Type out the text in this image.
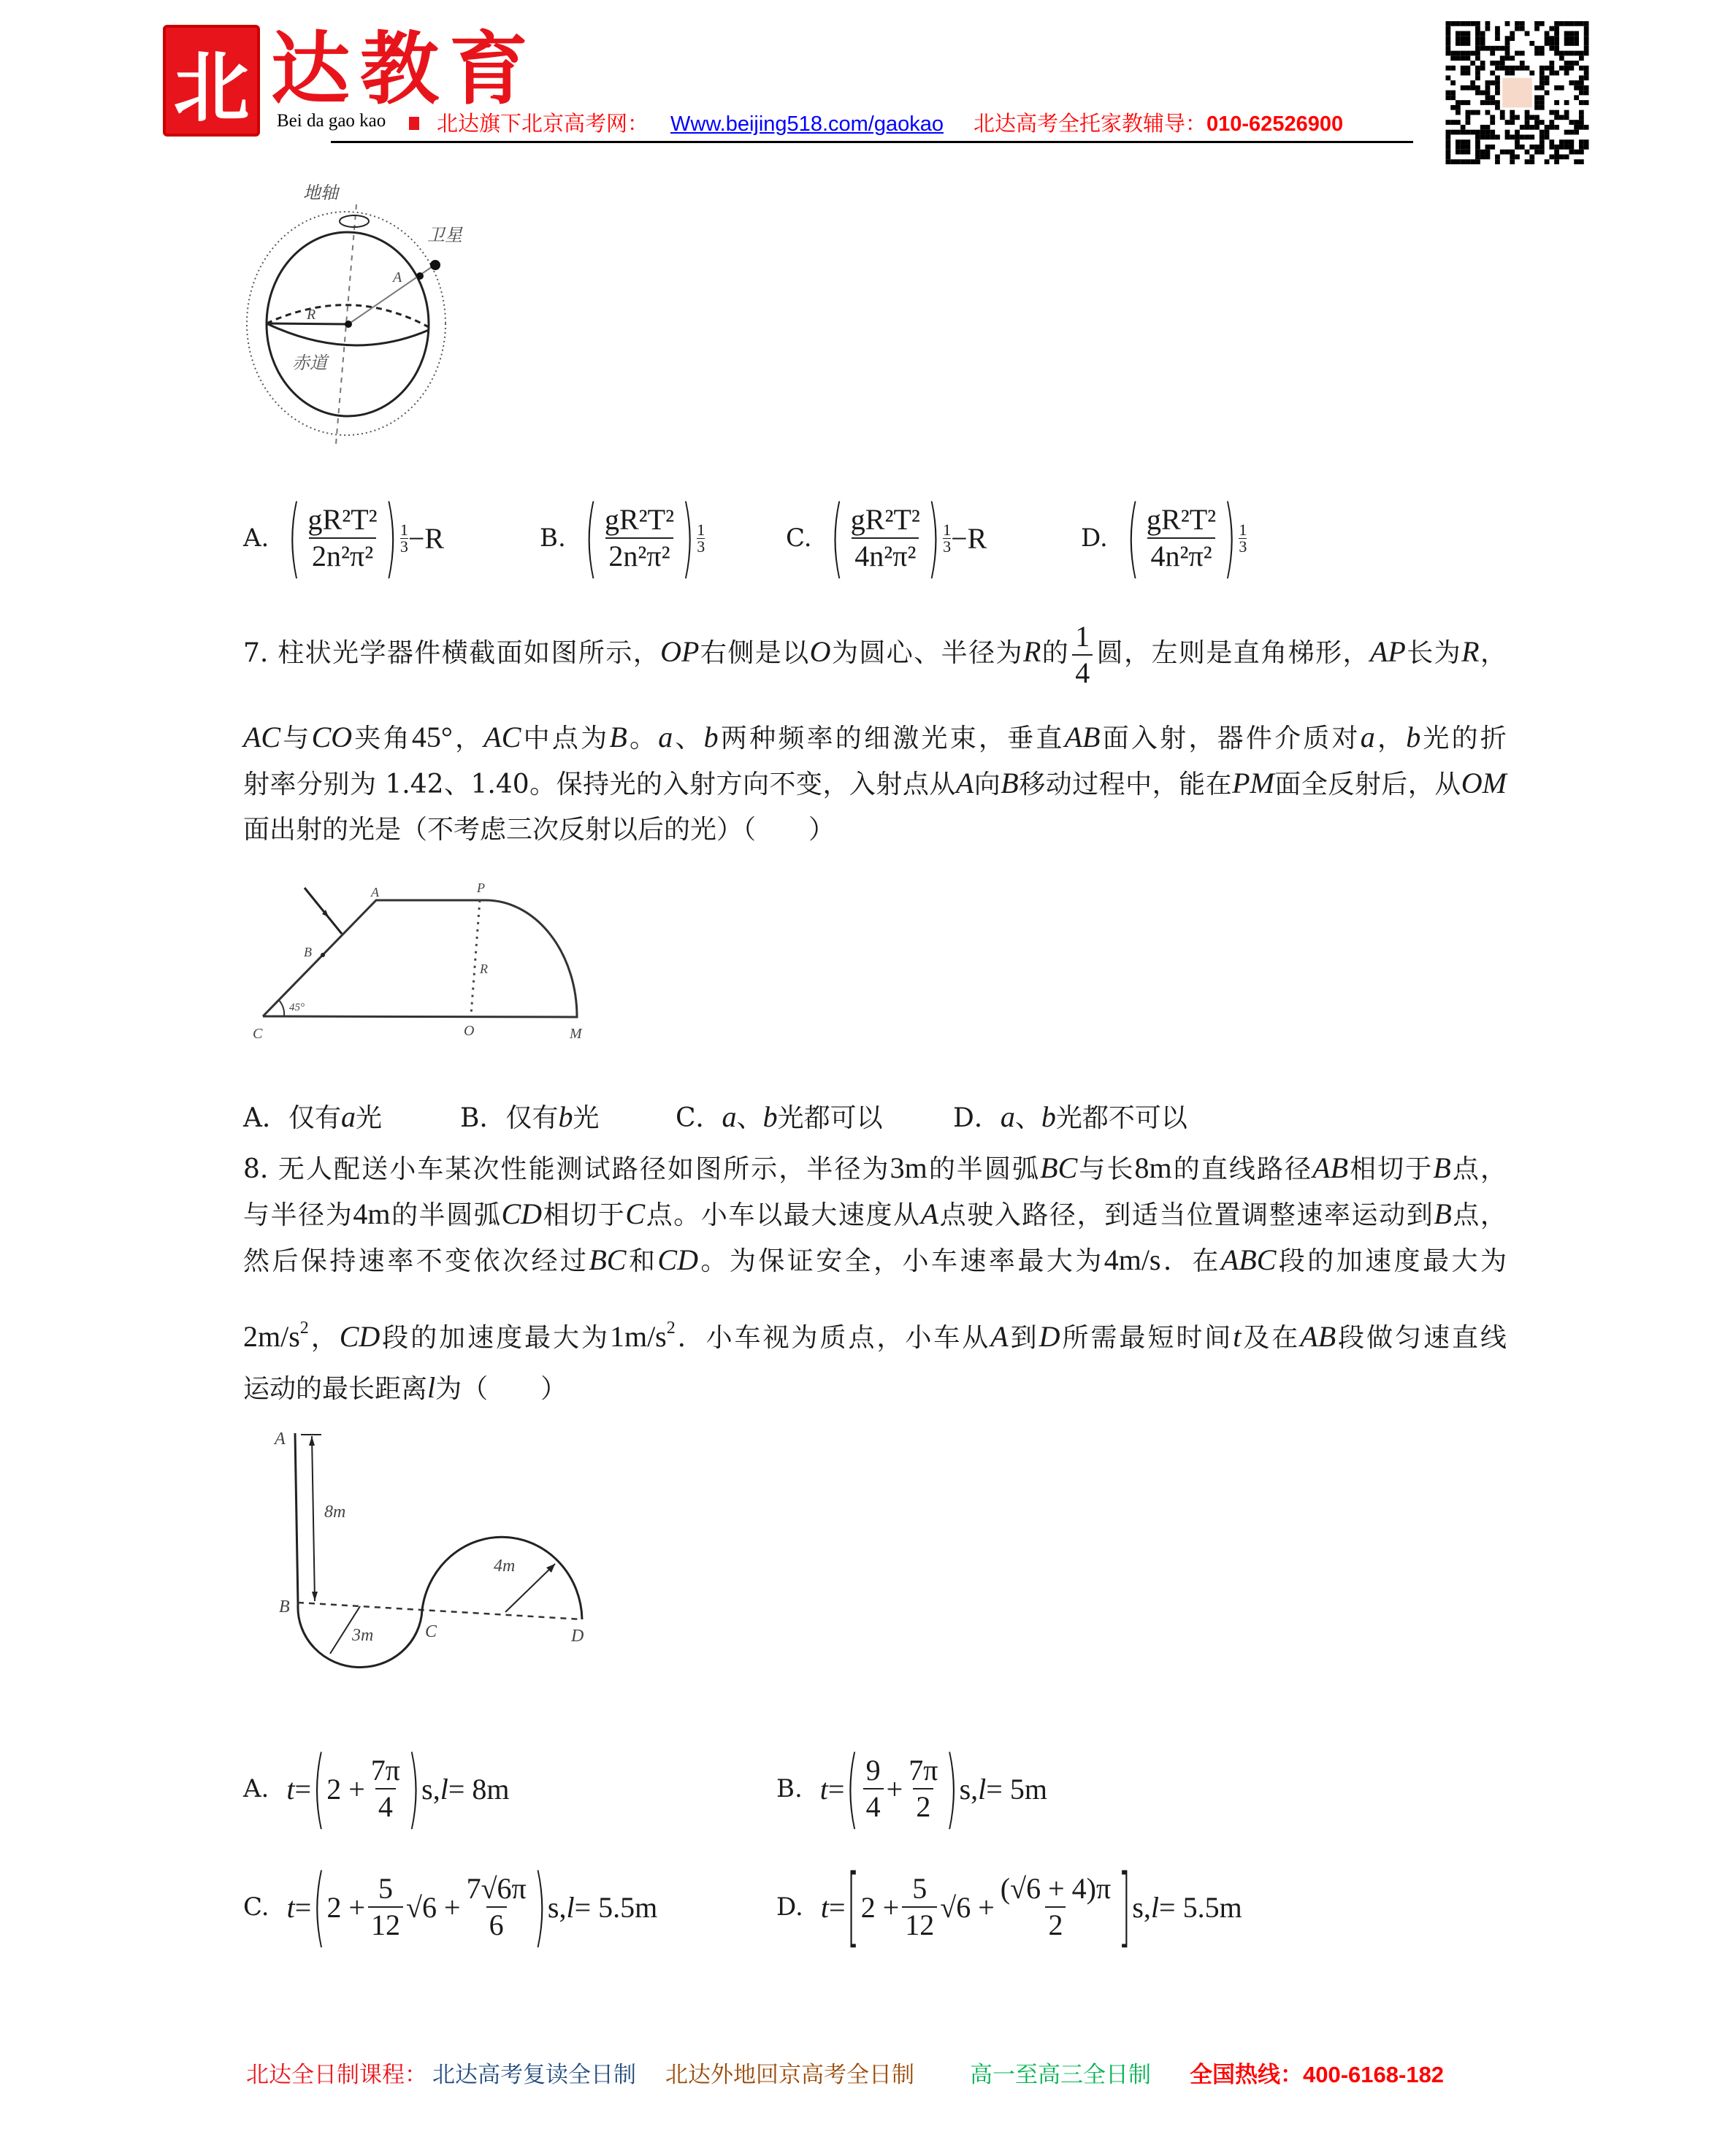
北 达教育
Bei da gao kao 北达旗下北京高考网： Www.beijing518.com/gaokao 北达高考全托家教辅导：010-62526900
地轴
卫星
A
R
赤道
A. ( $\frac{\text{gR²T²}}{\text{2n²π²}}$ ) $\frac{1}{3} -R$	B. ( $\frac{\text{gR²T²}}{\text{2n²π²}}$ ) $\frac{1}{3}$	C. ( $\frac{\text{gR²T²}}{\text{4n²π²}}$ ) $\frac{1}{3} -R$	D. ( $\frac{\text{gR²T²}}{\text{4n²π²}}$ ) $\frac{1}{3}$
7. 柱状光学器件横截面如图所示，OP右侧是以O为圆心、半径为R的 $\frac{1}{4}$ 圆，左则是直角梯形，AP长为R，
AC与CO夹角45°，AC中点为B。a、b两种频率的细激光束，垂直AB面入射，器件介质对a，b光的折
射率分别为 1.42、1.40。保持光的入射方向不变，入射点从A向B移动过程中，能在PM面全反射后，从OM
面出射的光是（不考虑三次反射以后的光）（　　）
A	P
B
R
45°
C	O	M
A．仅有a光	B．仅有b光	C．a、b光都可以	D．a、b光都不可以
8. 无人配送小车某次性能测试路径如图所示，半径为3m的半圆弧BC与长8m的直线路径AB相切于B点，
与半径为4m的半圆弧CD相切于C点。小车以最大速度从A点驶入路径，到适当位置调整速率运动到B点，
然后保持速率不变依次经过BC和CD。为保证安全，小车速率最大为4m/s．在ABC段的加速度最大为
$2m/s^2$，CD段的加速度最大为$1m/s^2$．小车视为质点，小车从A到D所需最短时间t及在AB段做匀速直线
运动的最长距离l为（　　）
A
8m
B
3m
4m
C	D
A. t = ( $2 + \frac{7\pi}{4}$ ) s, l = 8m	B. t = ( $\frac{9}{4} + \frac{7\pi}{2}$ ) s, l = 5m
C. t = ( $2 + \frac{5}{12} √6 + \frac{7√6\pi}{6}$ ) s, l = 5.5m	D. t = [ $2 + \frac{5}{12} √6 + \frac{(√6 + 4)\pi}{2}$ ] s, l = 5.5m
北达全日制课程： 北达高考复读全日制 北达外地回京高考全日制 高一至高三全日制 全国热线：400-6168-182
